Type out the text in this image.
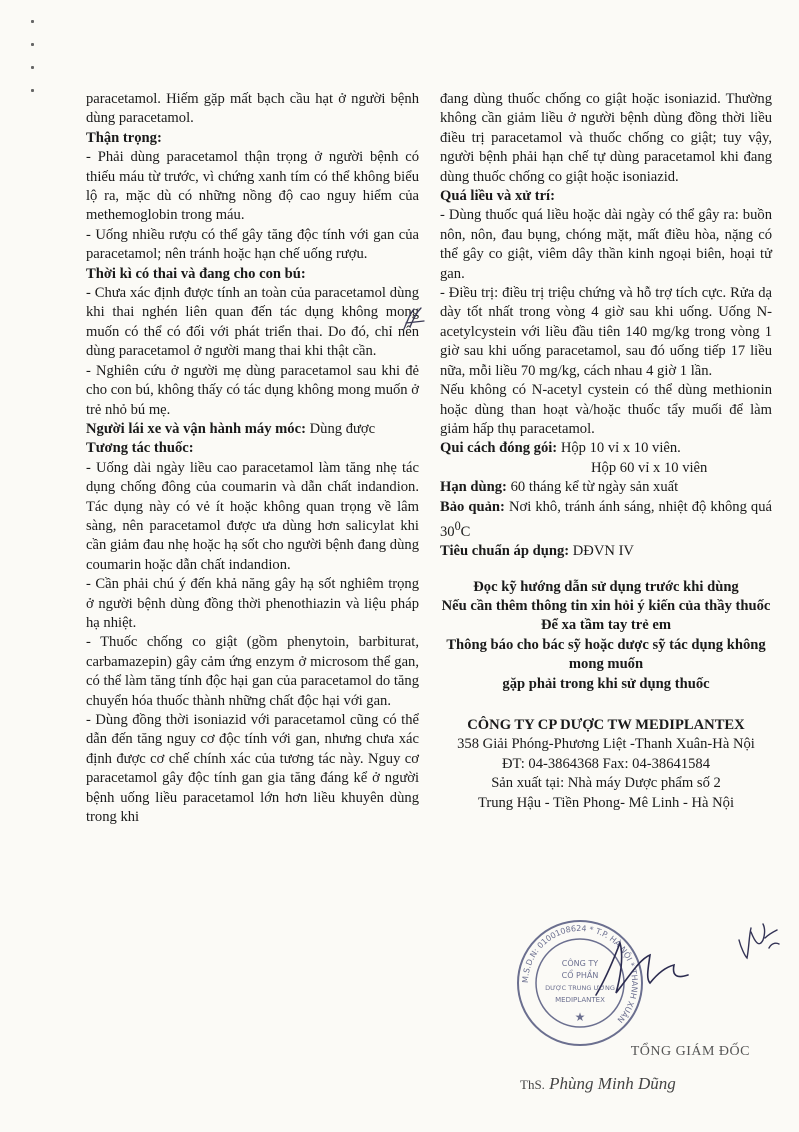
paracetamol. Hiếm gặp mất bạch cầu hạt ở người bệnh dùng paracetamol.

Thận trọng:

- Phải dùng paracetamol thận trọng ở người bệnh có thiếu máu từ trước, vì chứng xanh tím có thể không biểu lộ ra, mặc dù có những nồng độ cao nguy hiểm của methemoglobin trong máu.

- Uống nhiều rượu có thể gây tăng độc tính với gan của paracetamol; nên tránh hoặc hạn chế uống rượu.

Thời kì có thai và đang cho con bú:

- Chưa xác định được tính an toàn của paracetamol dùng khi thai nghén liên quan đến tác dụng không mong muốn có thể có đối với phát triển thai. Do đó, chỉ nên dùng paracetamol ở người mang thai khi thật cần.

- Nghiên cứu ở người mẹ dùng paracetamol sau khi đẻ cho con bú, không thấy có tác dụng không mong muốn ở trẻ nhỏ bú mẹ.

Người lái xe và vận hành máy móc: Dùng được

Tương tác thuốc:

- Uống dài ngày liều cao paracetamol làm tăng nhẹ tác dụng chống đông của coumarin và dẫn chất indandion. Tác dụng này có vẻ ít hoặc không quan trọng về lâm sàng, nên paracetamol được ưa dùng hơn salicylat khi cần giảm đau nhẹ hoặc hạ sốt cho người bệnh đang dùng coumarin hoặc dẫn chất indandion.

- Cần phải chú ý đến khả năng gây hạ sốt nghiêm trọng ở người bệnh dùng đồng thời phenothiazin và liệu pháp hạ nhiệt.

- Thuốc chống co giật (gồm phenytoin, barbiturat, carbamazepin) gây cảm ứng enzym ở microsom thể gan, có thể làm tăng tính độc hại gan của paracetamol do tăng chuyển hóa thuốc thành những chất độc hại với gan.

- Dùng đồng thời isoniazid với paracetamol cũng có thể dẫn đến tăng nguy cơ độc tính với gan, nhưng chưa xác định được cơ chế chính xác của tương tác này. Nguy cơ paracetamol gây độc tính gan gia tăng đáng kể ở người bệnh uống liều paracetamol lớn hơn liều khuyên dùng trong khi

đang dùng thuốc chống co giật hoặc isoniazid. Thường không cần giảm liều ở người bệnh dùng đồng thời liều điều trị paracetamol và thuốc chống co giật; tuy vậy, người bệnh phải hạn chế tự dùng paracetamol khi đang dùng thuốc chống co giật hoặc isoniazid.

Quá liều và xử trí:

- Dùng thuốc quá liều hoặc dài ngày có thể gây ra: buồn nôn, nôn, đau bụng, chóng mặt, mất điều hòa, nặng có thể gây co giật, viêm dây thần kinh ngoại biên, hoại tử gan.

- Điều trị: điều trị triệu chứng và hỗ trợ tích cực. Rửa dạ dày tốt nhất trong vòng 4 giờ sau khi uống. Uống N-acetylcystein với liều đầu tiên 140 mg/kg trong vòng 1 giờ sau khi uống paracetamol, sau đó uống tiếp 17 liều nữa, mỗi liều 70 mg/kg, cách nhau 4 giờ 1 lần.

Nếu không có N-acetyl cystein có thể dùng methionin hoặc dùng than hoạt và/hoặc thuốc tẩy muối để làm giảm hấp thụ paracetamol.

Qui cách đóng gói: Hộp 10 vỉ x 10 viên.

Hộp 60 vỉ x 10 viên

Hạn dùng: 60 tháng kể từ ngày sản xuất

Bảo quản: Nơi khô, tránh ánh sáng, nhiệt độ không quá $30^0C$

Tiêu chuẩn áp dụng: DĐVN IV

Đọc kỹ hướng dẫn sử dụng trước khi dùng
Nếu cần thêm thông tin xin hỏi ý kiến của thầy thuốc
Để xa tầm tay trẻ em
Thông báo cho bác sỹ hoặc dược sỹ tác dụng không mong muốn
gặp phải trong khi sử dụng thuốc
CÔNG TY CP DƯỢC TW MEDIPLANTEX
358 Giải Phóng-Phương Liệt -Thanh Xuân-Hà Nội
ĐT: 04-3864368 Fax: 04-38641584
Sản xuất tại: Nhà máy Dược phẩm số 2
Trung Hậu - Tiền Phong- Mê Linh - Hà Nội
M.S.D.N: 0100108624 * T.P. HÀ NỘI * THANH XUÂN
CÔNG TY
CỔ PHẦN
DƯỢC TRUNG ƯƠNG
MEDIPLANTEX
★
TỔNG GIÁM ĐỐC
ThS. Phùng Minh Dũng
